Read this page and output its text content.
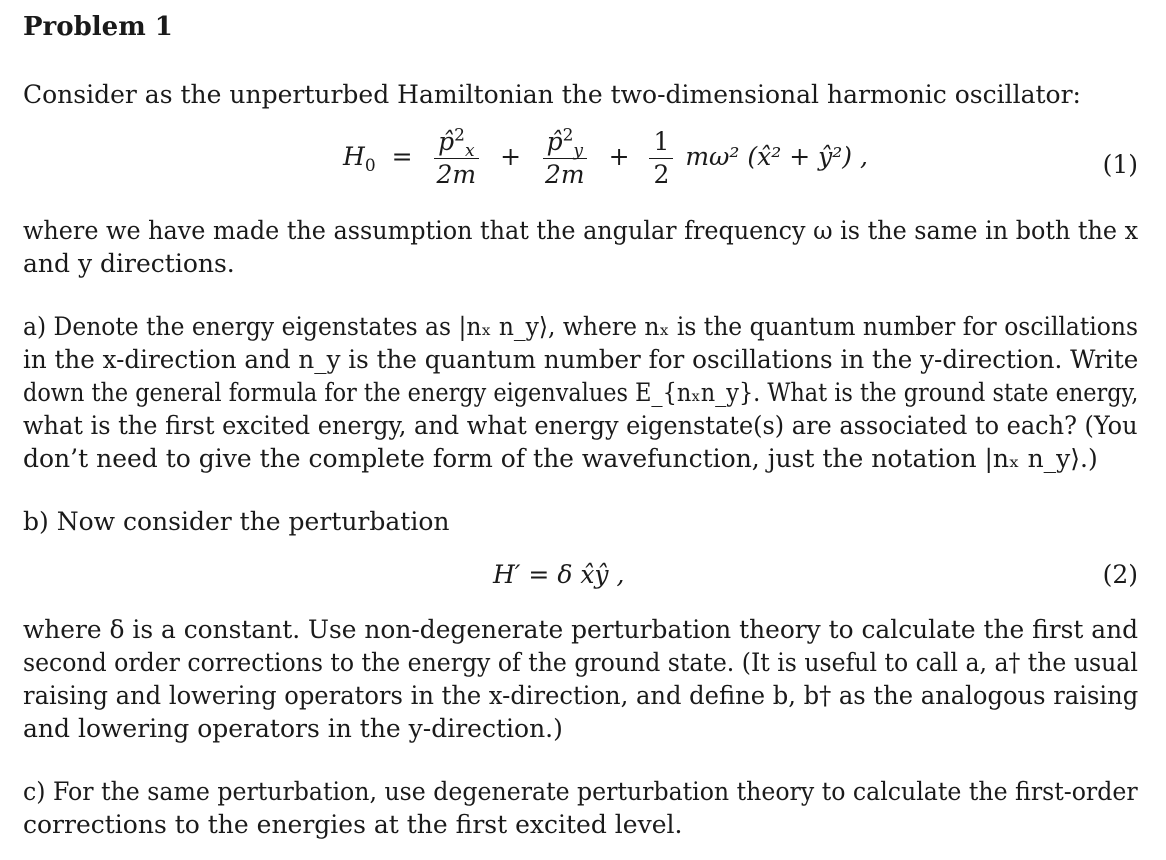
Problem 1

Consider as the unperturbed Hamiltonian the two-dimensional harmonic oscillator:

$H_0 = \frac{p̂^2_x}{2m} + \frac{p̂^2_y}{2m} + \frac{1}{2} m\omega^2$ (x̂² + ŷ²) ,	(1)

where we have made the assumption that the angular frequency ω is the same in both the x
and y directions.

a) Denote the energy eigenstates as |nₓ n_y⟩, where nₓ is the quantum number for oscillations
in the x-direction and n_y is the quantum number for oscillations in the y-direction. Write
down the general formula for the energy eigenvalues E_{nₓn_y}. What is the ground state energy,
what is the first excited energy, and what energy eigenstate(s) are associated to each? (You
don’t need to give the complete form of the wavefunction, just the notation |nₓ n_y⟩.)

b) Now consider the perturbation

H′ = δ x̂ŷ ,	(2)

where δ is a constant. Use non-degenerate perturbation theory to calculate the first and
second order corrections to the energy of the ground state. (It is useful to call a, a† the usual
raising and lowering operators in the x-direction, and define b, b† as the analogous raising
and lowering operators in the y-direction.)

c) For the same perturbation, use degenerate perturbation theory to calculate the first-order
corrections to the energies at the first excited level.
